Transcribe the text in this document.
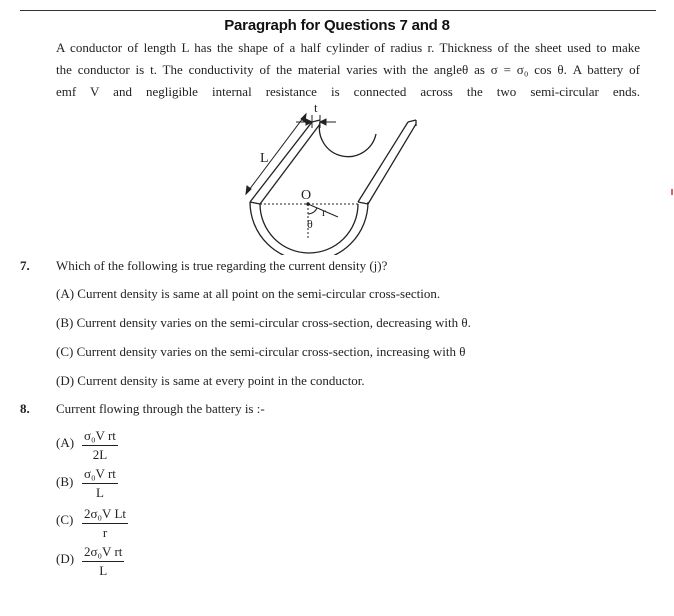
Paragraph for Questions 7 and 8
A conductor of length L has the shape of a half cylinder of radius r. Thickness of the sheet used to make
the conductor is t. The conductivity of the material varies with the angleθ as σ = σ₀ cos θ. A battery of
emf V and negligible internal resistance is connected across the two semi-circular ends.
t
L
O
r
θ
7. Which of the following is true regarding the current density (j)?
(A) Current density is same at all point on the semi-circular cross-section.
(B) Current density varies on the semi-circular cross-section, decreasing with θ.
(C) Current density varies on the semi-circular cross-section, increasing with θ
(D) Current density is same at every point in the conductor.
8. Current flowing through the battery is :-
$(A) \frac{\text{σ₀V rt}}{2L}$
$(B) \frac{\text{σ₀V rt}}{L}$
$(C) \frac{\text{2σ₀V Lt}}{r}$
$(D) \frac{\text{2σ₀V rt}}{L}$
